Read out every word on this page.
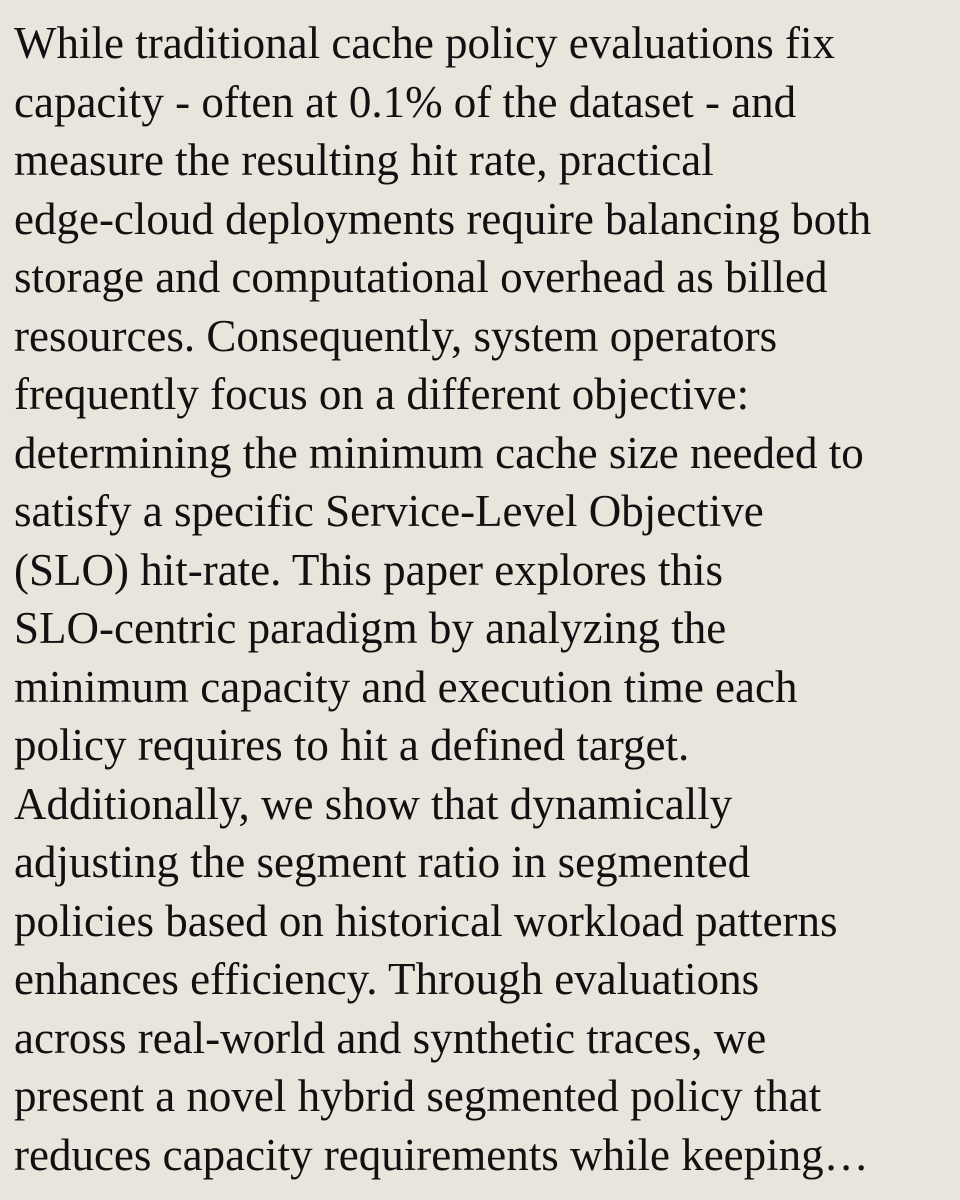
While traditional cache policy evaluations fix
capacity - often at 0.1% of the dataset - and
measure the resulting hit rate, practical
edge-cloud deployments require balancing both
storage and computational overhead as billed
resources. Consequently, system operators
frequently focus on a different objective:
determining the minimum cache size needed to
satisfy a specific Service-Level Objective
(SLO) hit-rate. This paper explores this
SLO-centric paradigm by analyzing the
minimum capacity and execution time each
policy requires to hit a defined target.
Additionally, we show that dynamically
adjusting the segment ratio in segmented
policies based on historical workload patterns
enhances efficiency. Through evaluations
across real-world and synthetic traces, we
present a novel hybrid segmented policy that
reduces capacity requirements while keeping…
